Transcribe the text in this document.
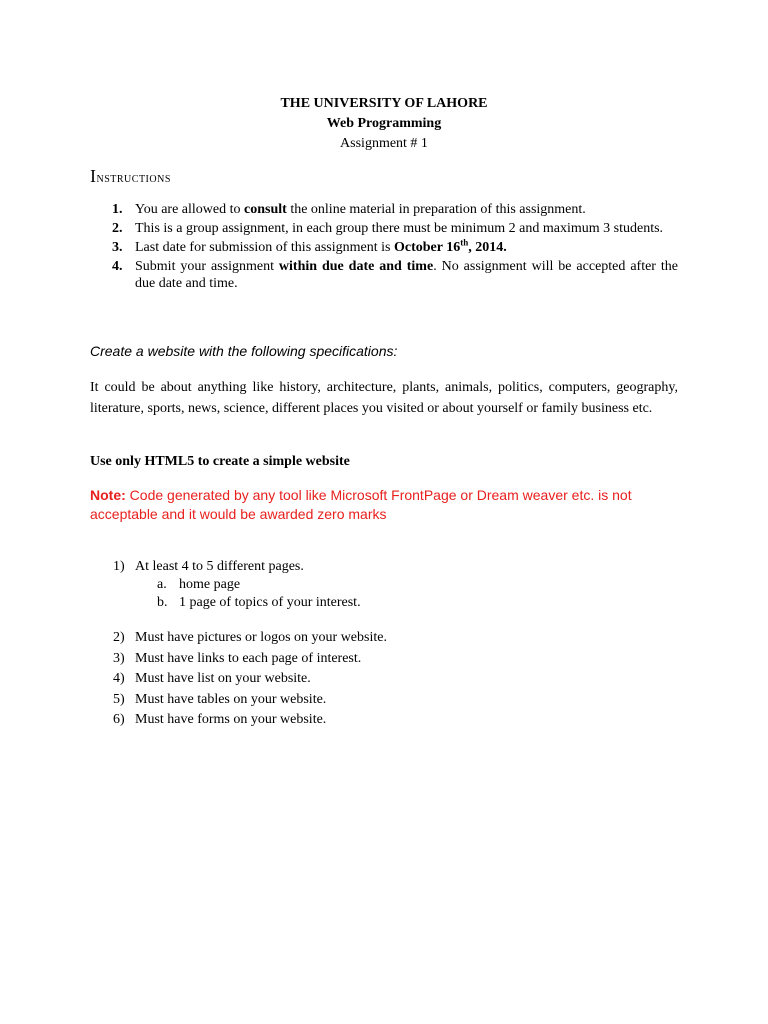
THE UNIVERSITY OF LAHORE
Web Programming
Assignment # 1
Instructions
1. You are allowed to consult the online material in preparation of this assignment.
2. This is a group assignment, in each group there must be minimum 2 and maximum 3 students.
3. Last date for submission of this assignment is October 16th, 2014.
4. Submit your assignment within due date and time. No assignment will be accepted after the due date and time.
Create a website with the following specifications:
It could be about anything like history, architecture, plants, animals, politics, computers, geography, literature, sports, news, science, different places you visited or about yourself or family business etc.
Use only HTML5 to create a simple website
Note: Code generated by any tool like Microsoft FrontPage or Dream weaver etc. is not acceptable and it would be awarded zero marks
1) At least 4 to 5 different pages.
a. home page
b. 1 page of topics of your interest.
2) Must have pictures or logos on your website.
3) Must have links to each page of interest.
4) Must have list on your website.
5) Must have tables on your website.
6) Must have forms on your website.
